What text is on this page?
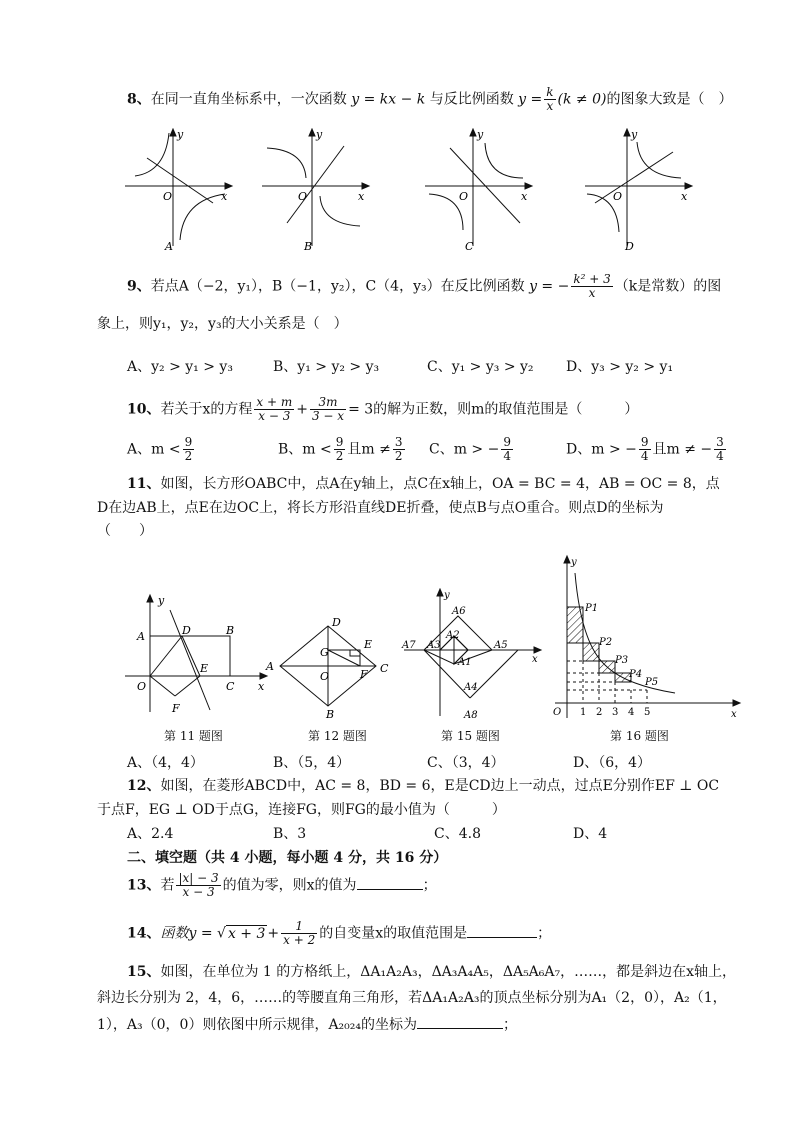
8、在同一直角坐标系中，一次函数 y = kx − k 与反比例函数 $y = \frac{k}{x} (k \ne 0)$的图象大致是（　）
y
O	x
A
y
O	x
B
y
O	x
C
y
O	x
D
9、若点A（−2，y₁），B（−1，y₂），C（4，y₃）在反比例函数 y = − $\frac{\text{k² + 3}}{x} (k$是常数）的图
象上，则y₁，y₂，y₃的大小关系是（　）
A、y₂ > y₁ > y₃	B、y₁ > y₂ > y₃	C、y₁ > y₃ > y₂ D、y₃ > y₂ > y₁
10、若关于x的方程 $\frac{x + m}{x - 3} + \frac{3m}{3 - x} = 3$的解为正数，则m的取值范围是（　　　）
A、$m < \frac{9}{2}$	B、$m < \frac{9}{2}$ 且$m \ne \frac{3}{2}$ C、m > − $\frac{9}{4}$	D、m > − $\frac{9}{4}$ 且m ≠ − $\frac{3}{4}$
11、如图，长方形OABC中，点A在y轴上，点C在x轴上，OA = BC = 4，AB = OC = 8，点
D在边AB上，点E在边OC上，将长方形沿直线DE折叠，使点B与点O重合。则点D的坐标为
（　　）
y
A	D	B
O
E
C x
F
第 11 题图
D
E
G
A	C
O	F
B
第 12 题图
y
A6
A2
A7 A3	A5
A1	x
A4
A8
第 15 题图
y
P1
P2
P3
P4
P5
O 1 2 3 4 5	x
第 16 题图
A、（4，4）	B、（5，4）	C、（3，4）	D、（6，4）
12、如图，在菱形ABCD中，AC = 8，BD = 6，E是CD边上一动点，过点E分别作EF ⊥ OC
于点F，EG ⊥ OD于点G，连接FG，则FG的最小值为（　　　）
A、2.4	B、3	C、4.8	D、4
二、填空题（共 4 小题，每小题 4 分，共 16 分）
13、若 $\frac{|x| - 3}{x - 3}$ 的值为零，则x的值为	；
14、函数y = √ $x + 3 + \frac{1}{x + 2}$ 的自变量x的取值范围是	；
15、如图，在单位为 1 的方格纸上，ΔA₁A₂A₃，ΔA₃A₄A₅，ΔA₅A₆A₇，……，都是斜边在x轴上，
斜边长分别为 2，4，6，……的等腰直角三角形，若ΔA₁A₂A₃的顶点坐标分别为A₁（2，0），A₂（1，
1），A₃（0，0）则依图中所示规律，A₂₀₂₄的坐标为	；
